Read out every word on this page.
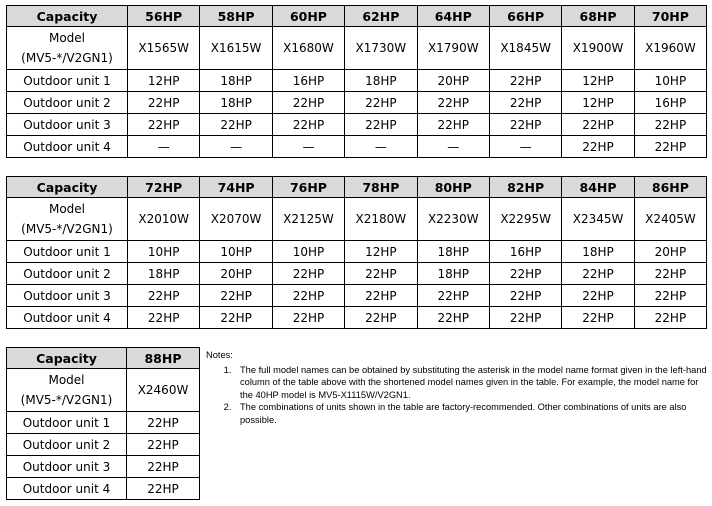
Capacity	56HP	58HP	60HP	62HP	64HP	66HP	68HP	70HP

Model
(MV5-*/V2GN1)	X1565W	X1615W	X1680W	X1730W	X1790W	X1845W	X1900W	X1960W
Outdoor unit 1	12HP	18HP	16HP	18HP	20HP	22HP	12HP	10HP
Outdoor unit 2	22HP	18HP	22HP	22HP	22HP	22HP	12HP	16HP
Outdoor unit 3	22HP	22HP	22HP	22HP	22HP	22HP	22HP	22HP
Outdoor unit 4	—	—	—	—	—	—	22HP	22HP
Capacity	72HP	74HP	76HP	78HP	80HP	82HP	84HP	86HP

Model
(MV5-*/V2GN1)	X2010W	X2070W	X2125W	X2180W	X2230W	X2295W	X2345W	X2405W
Outdoor unit 1	10HP	10HP	10HP	12HP	18HP	16HP	18HP	20HP
Outdoor unit 2	18HP	20HP	22HP	22HP	18HP	22HP	22HP	22HP
Outdoor unit 3	22HP	22HP	22HP	22HP	22HP	22HP	22HP	22HP
Outdoor unit 4	22HP	22HP	22HP	22HP	22HP	22HP	22HP	22HP
Capacity	88HP

Model
(MV5-*/V2GN1)	X2460W
Outdoor unit 1	22HP
Outdoor unit 2	22HP
Outdoor unit 3	22HP
Outdoor unit 4	22HP
Notes:
1. The full model names can be obtained by substituting the asterisk in the model name format given in the left-hand column of the table above with the shortened model names given in the table. For example, the model name for the 40HP model is MV5-X1115W/V2GN1.
2. The combinations of units shown in the table are factory-recommended. Other combinations of units are also possible.
